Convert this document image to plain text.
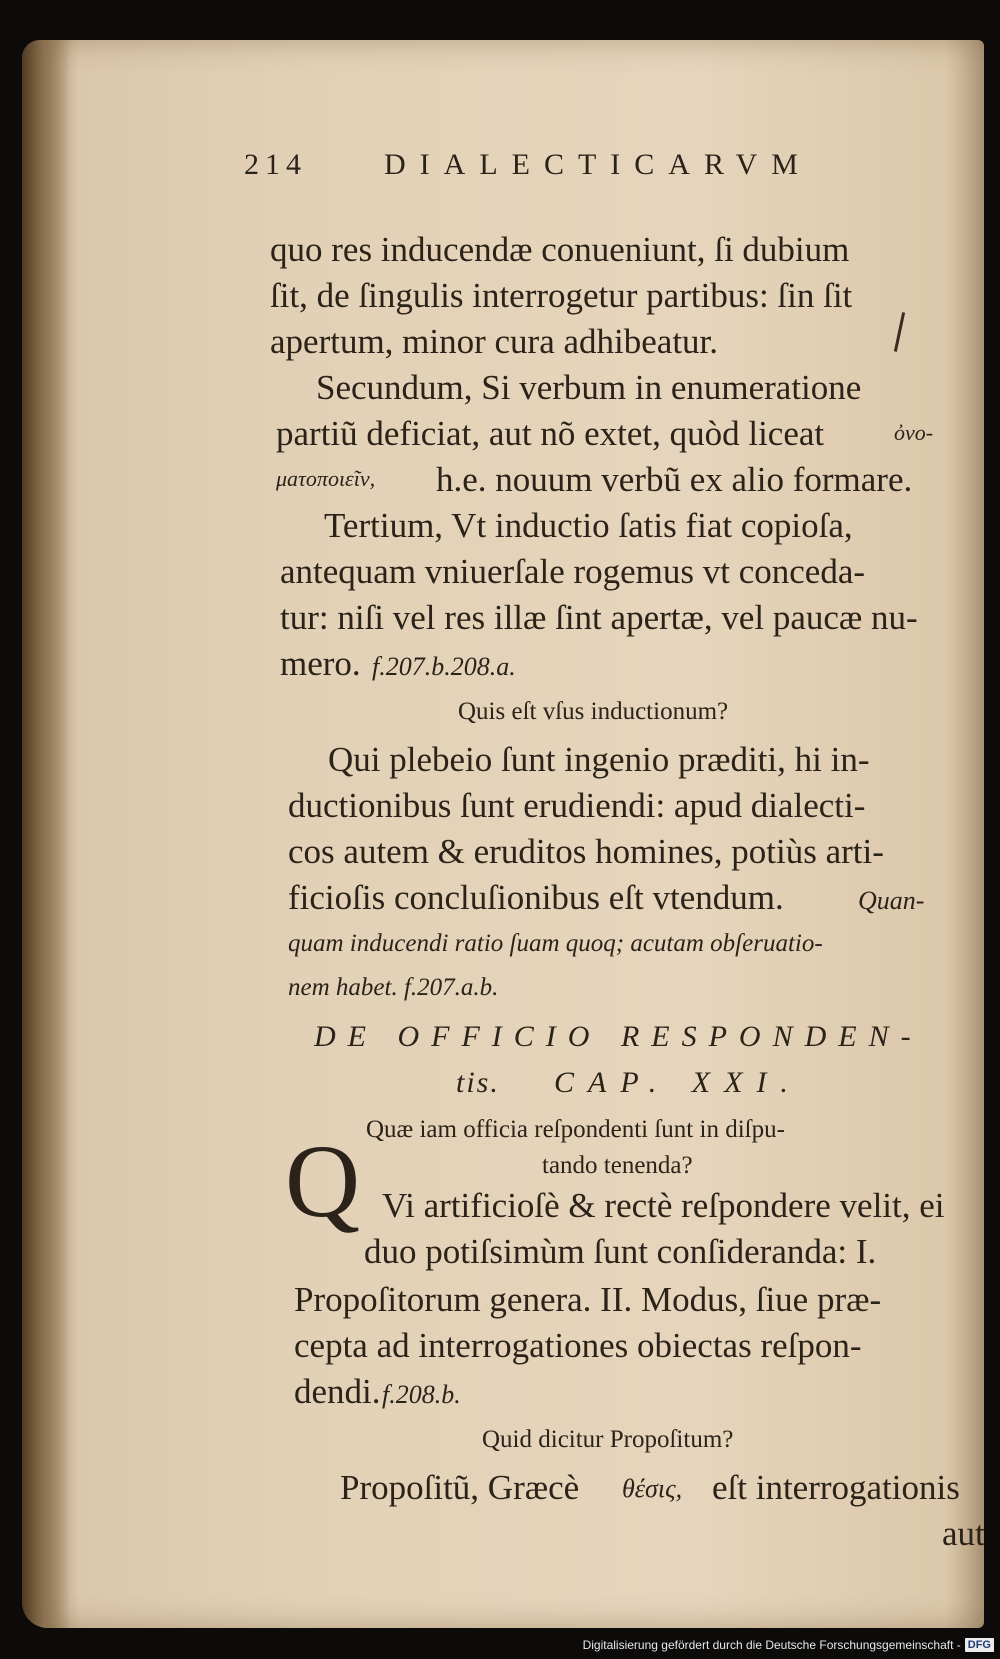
214	DIALECTICARVM
quo res inducendæ conueniunt, ſi dubium
ſit, de ſingulis interrogetur partibus: ſin ſit
apertum, minor cura adhibeatur.
Secundum, Si verbum in enumeratione
partiũ deficiat, aut nõ extet, quòd liceat
h.e. nouum verbũ ex alio formare.
Tertium, Vt inductio ſatis fiat copioſa,
antequam vniuerſale rogemus vt conceda-
tur: niſi vel res illæ ſint apertæ, vel paucæ nu-
mero.
Quis eſt vſus inductionum?
Qui plebeio ſunt ingenio præditi, hi in-
ductionibus ſunt erudiendi: apud dialecti-
cos autem & eruditos homines, potiùs arti-
ficioſis concluſionibus eſt vtendum.
quam inducendi ratio ſuam quoq; acutam obſeruatio-
nem habet. f.207.a.b.
Quæ iam officia reſpondenti ſunt in diſpu-
tando tenenda?
Vi artificioſè & rectè reſpondere velit, ei
duo potiſsimùm ſunt conſideranda: I.
Propoſitorum genera. II. Modus, ſiue præ-
cepta ad interrogationes obiectas reſpon-
dendi.
Quid dicitur Propoſitum?
Propoſitũ, Græcè	eſt interrogationis
aut
ὀνο-
μaτοποιεῖν,
f.207.b.208.a.
Quan-
DE OFFICIO RESPONDEN-
tis. CAP. XXI.
Q
f.208.b.
θέσις,
Digitalisierung gefördert durch die Deutsche Forschungsgemeinschaft - DFG
